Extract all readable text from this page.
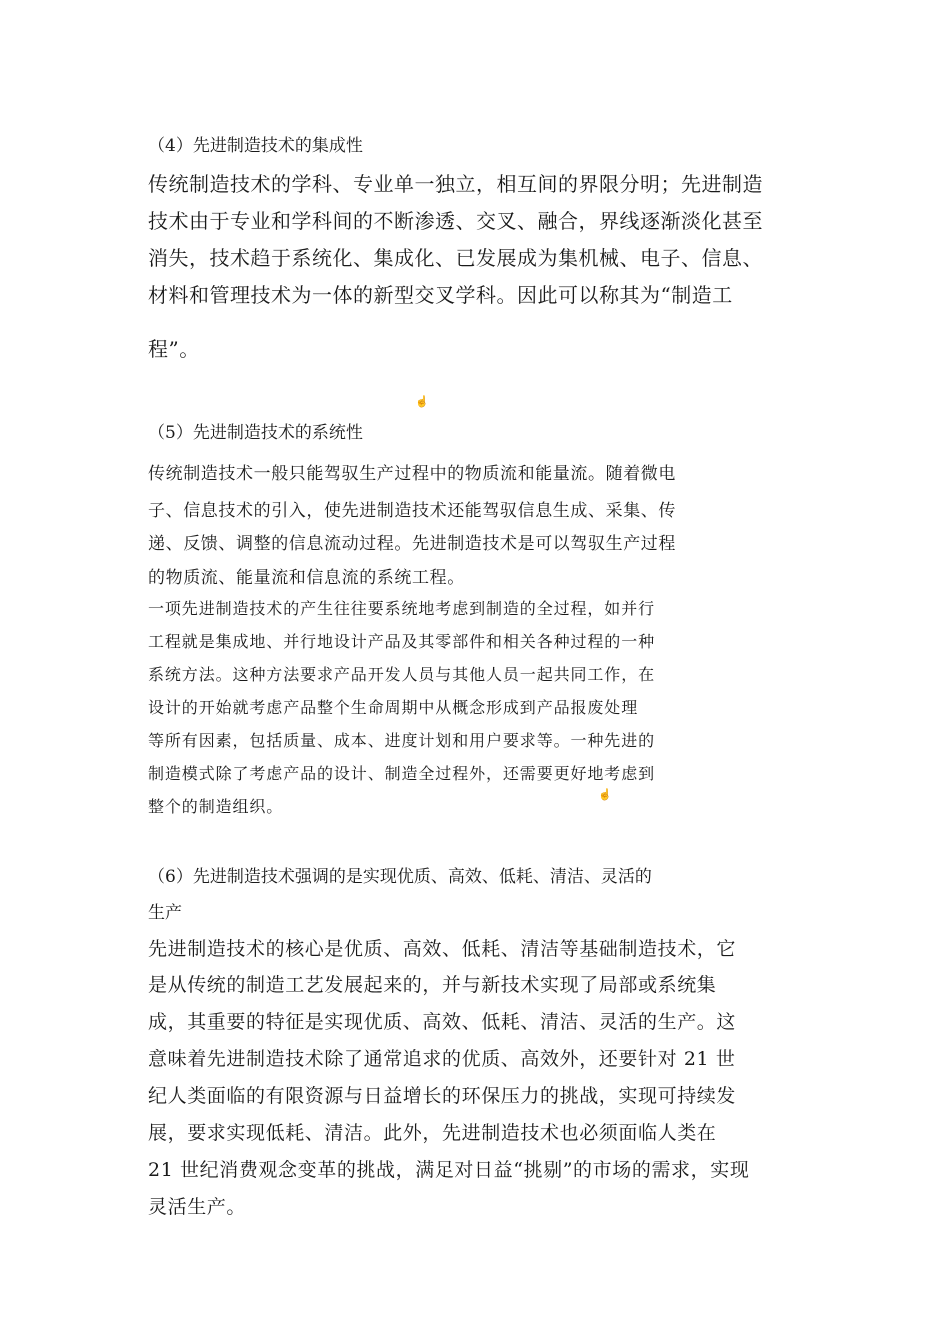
（4）先进制造技术的集成性
传统制造技术的学科、专业单一独立，相互间的界限分明；先进制造
技术由于专业和学科间的不断渗透、交叉、融合，界线逐渐淡化甚至
消失，技术趋于系统化、集成化、已发展成为集机械、电子、信息、
材料和管理技术为一体的新型交叉学科。因此可以称其为“制造工
程”。
☝
（5）先进制造技术的系统性
传统制造技术一般只能驾驭生产过程中的物质流和能量流。随着微电
子、信息技术的引入，使先进制造技术还能驾驭信息生成、采集、传
递、反馈、调整的信息流动过程。先进制造技术是可以驾驭生产过程
的物质流、能量流和信息流的系统工程。
一项先进制造技术的产生往往要系统地考虑到制造的全过程，如并行
工程就是集成地、并行地设计产品及其零部件和相关各种过程的一种
系统方法。这种方法要求产品开发人员与其他人员一起共同工作，在
设计的开始就考虑产品整个生命周期中从概念形成到产品报废处理
等所有因素，包括质量、成本、进度计划和用户要求等。一种先进的
制造模式除了考虑产品的设计、制造全过程外，还需要更好地考虑到
整个的制造组织。
☝
（6）先进制造技术强调的是实现优质、高效、低耗、清洁、灵活的
生产
先进制造技术的核心是优质、高效、低耗、清洁等基础制造技术，它
是从传统的制造工艺发展起来的，并与新技术实现了局部或系统集
成，其重要的特征是实现优质、高效、低耗、清洁、灵活的生产。这
意味着先进制造技术除了通常追求的优质、高效外，还要针对 21 世
纪人类面临的有限资源与日益增长的环保压力的挑战，实现可持续发
展，要求实现低耗、清洁。此外，先进制造技术也必须面临人类在
21 世纪消费观念变革的挑战，满足对日益“挑剔”的市场的需求，实现
灵活生产。
